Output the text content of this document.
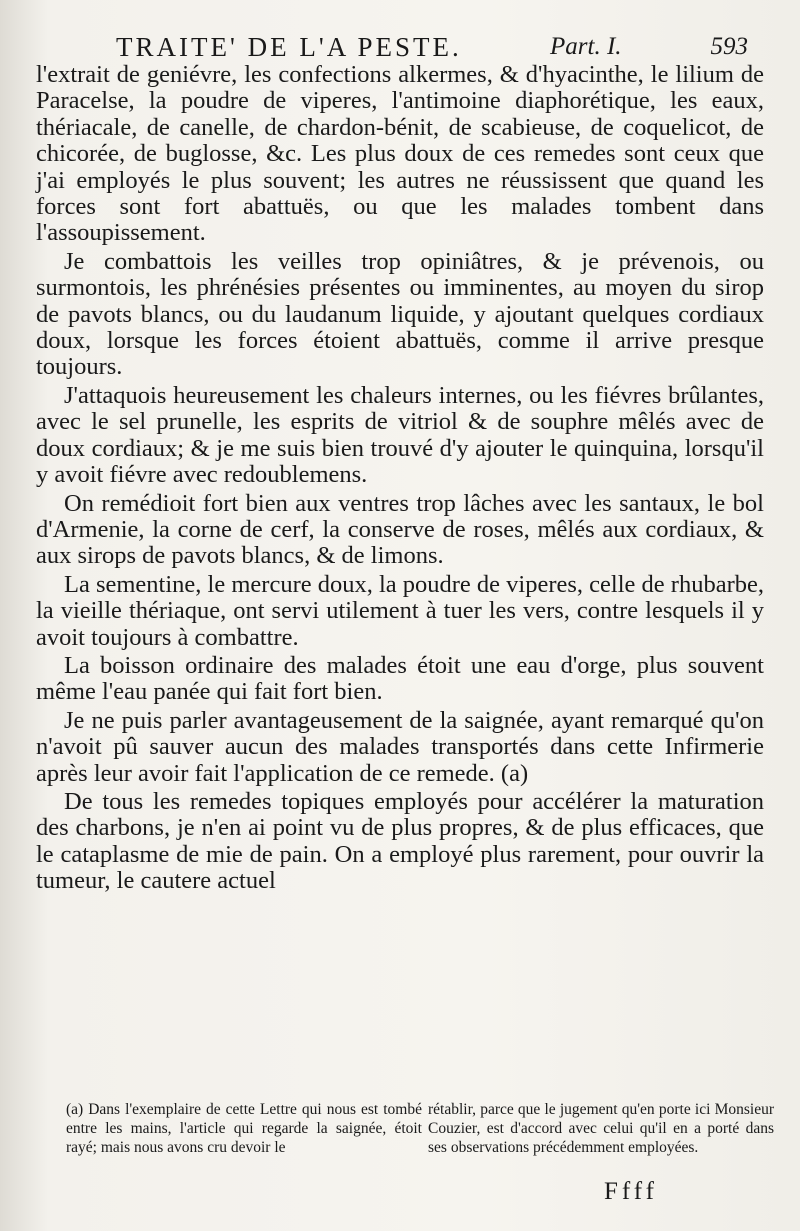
TRAITE' DE L'A PESTE.	Part. I.	593

l'extrait de geniévre, les confections alkermes, & d'hyacinthe, le lilium de Paracelse, la poudre de viperes, l'antimoine diaphorétique, les eaux, thériacale, de canelle, de chardon-bénit, de scabieuse, de coquelicot, de chicorée, de buglosse, &c. Les plus doux de ces remedes sont ceux que j'ai employés le plus souvent; les autres ne réussissent que quand les forces sont fort abattuës, ou que les malades tombent dans l'assoupissement.

Je combattois les veilles trop opiniâtres, & je prévenois, ou surmontois, les phrénésies présentes ou imminentes, au moyen du sirop de pavots blancs, ou du laudanum liquide, y ajoutant quelques cordiaux doux, lorsque les forces étoient abattuës, comme il arrive presque toujours.

J'attaquois heureusement les chaleurs internes, ou les fiévres brûlantes, avec le sel prunelle, les esprits de vitriol & de souphre mêlés avec de doux cordiaux; & je me suis bien trouvé d'y ajouter le quinquina, lorsqu'il y avoit fiévre avec redoublemens.

On remédioit fort bien aux ventres trop lâches avec les santaux, le bol d'Armenie, la corne de cerf, la conserve de roses, mêlés aux cordiaux, & aux sirops de pavots blancs, & de limons.

La sementine, le mercure doux, la poudre de viperes, celle de rhubarbe, la vieille thériaque, ont servi utilement à tuer les vers, contre lesquels il y avoit toujours à combattre.

La boisson ordinaire des malades étoit une eau d'orge, plus souvent même l'eau panée qui fait fort bien.

Je ne puis parler avantageusement de la saignée, ayant remarqué qu'on n'avoit pû sauver aucun des malades transportés dans cette Infirmerie après leur avoir fait l'application de ce remede. (a)

De tous les remedes topiques employés pour accélérer la maturation des charbons, je n'en ai point vu de plus propres, & de plus efficaces, que le cataplasme de mie de pain. On a employé plus rarement, pour ouvrir la tumeur, le cautere actuel

(a) Dans l'exemplaire de cette Lettre qui nous est tombé entre les mains, l'article qui regarde la saignée, étoit rayé; mais nous avons cru devoir le
rétablir, parce que le jugement qu'en porte ici Monsieur Couzier, est d'accord avec celui qu'il en a porté dans ses observations précédemment employées.
Ffff
